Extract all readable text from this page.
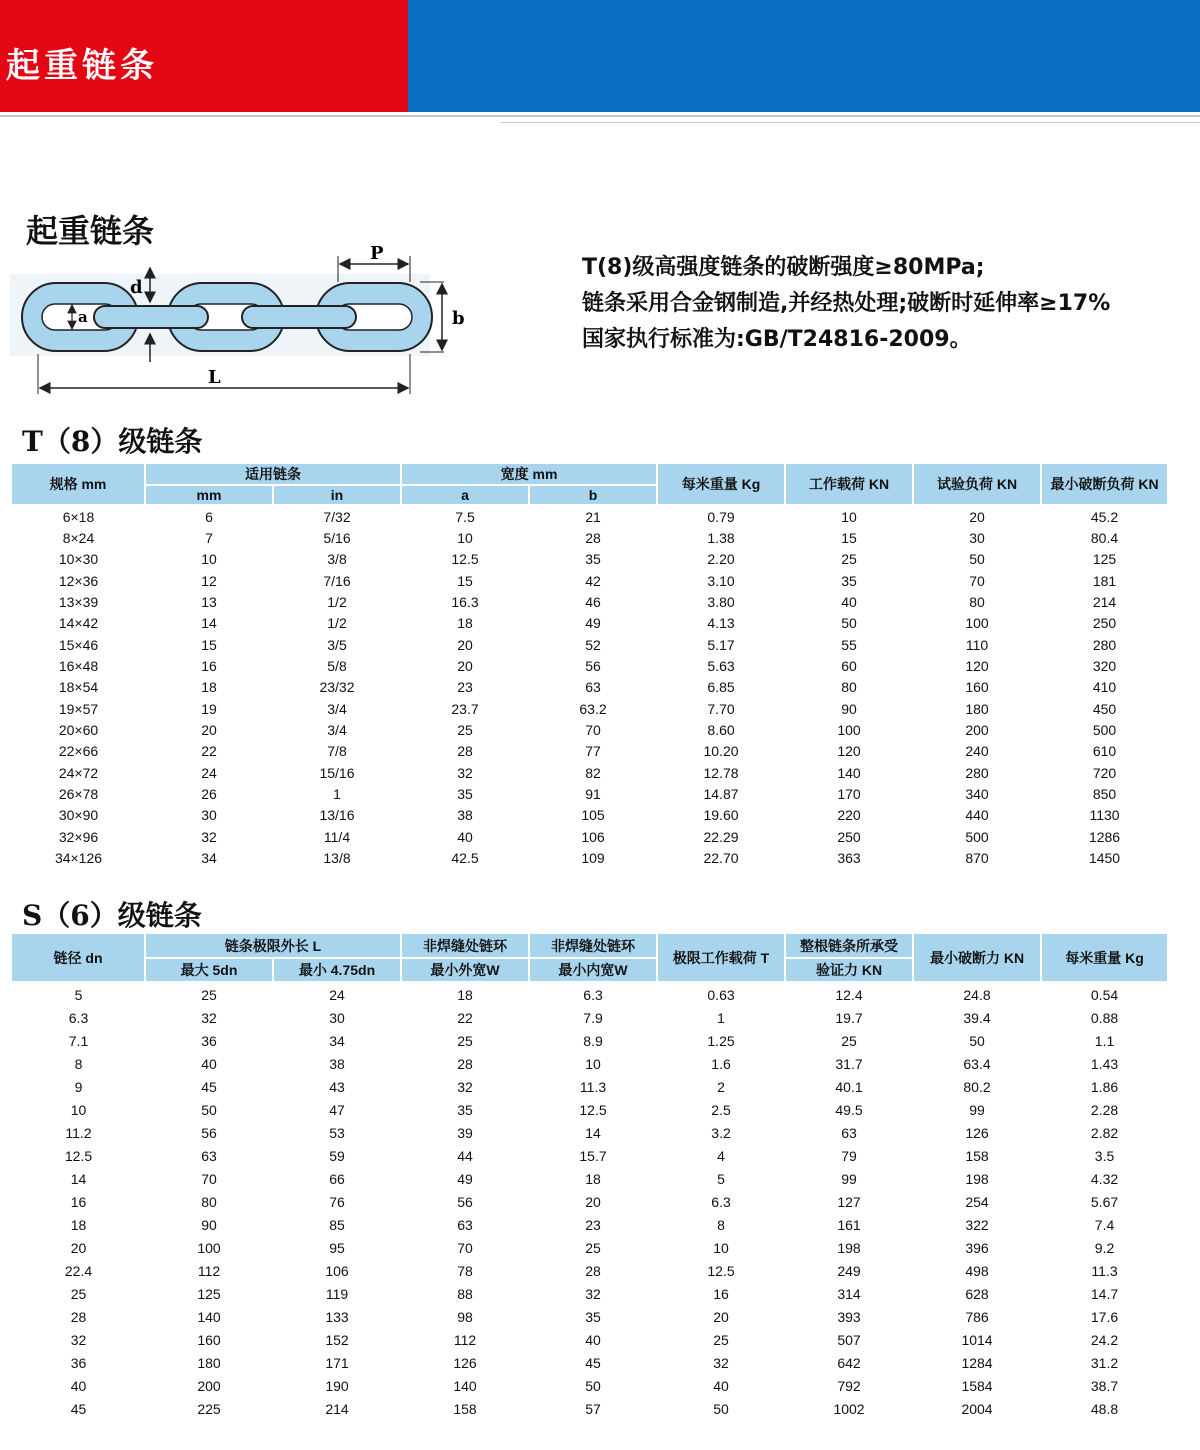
起重链条
起重链条
P
d
a	b
L
T(8)级高强度链条的破断强度≥80MPa;
链条采用合金钢制造,并经热处理;破断时延伸率≥17%
国家执行标准为:GB/T24816-2009。
T（8）级链条
规格 mm	适用链条		宽度 mm		每米重量 Kg	工作载荷 KN	试验负荷 KN	最小破断负荷 KN
	mm	in	a	b				
6×18	6	7/32	7.5	21	0.79	10	20	45.2
8×24	7	5/16	10	28	1.38	15	30	80.4
10×30	10	3/8	12.5	35	2.20	25	50	125
12×36	12	7/16	15	42	3.10	35	70	181
13×39	13	1/2	16.3	46	3.80	40	80	214
14×42	14	1/2	18	49	4.13	50	100	250
15×46	15	3/5	20	52	5.17	55	110	280
16×48	16	5/8	20	56	5.63	60	120	320
18×54	18	23/32	23	63	6.85	80	160	410
19×57	19	3/4	23.7	63.2	7.70	90	180	450
20×60	20	3/4	25	70	8.60	100	200	500
22×66	22	7/8	28	77	10.20	120	240	610
24×72	24	15/16	32	82	12.78	140	280	720
26×78	26	1	35	91	14.87	170	340	850
30×90	30	13/16	38	105	19.60	220	440	1130
32×96	32	11/4	40	106	22.29	250	500	1286
34×126	34	13/8	42.5	109	22.70	363	870	1450
S（6）级链条
链径 dn	链条极限外长 L		非焊缝处链环	非焊缝处链环	极限工作载荷 T	整根链条所承受	最小破断力 KN	每米重量 Kg
	最大 5dn	最小 4.75dn	最小外宽W	最小内宽W		验证力 KN		
5	25	24	18	6.3	0.63	12.4	24.8	0.54
6.3	32	30	22	7.9	1	19.7	39.4	0.88
7.1	36	34	25	8.9	1.25	25	50	1.1
8	40	38	28	10	1.6	31.7	63.4	1.43
9	45	43	32	11.3	2	40.1	80.2	1.86
10	50	47	35	12.5	2.5	49.5	99	2.28
11.2	56	53	39	14	3.2	63	126	2.82
12.5	63	59	44	15.7	4	79	158	3.5
14	70	66	49	18	5	99	198	4.32
16	80	76	56	20	6.3	127	254	5.67
18	90	85	63	23	8	161	322	7.4
20	100	95	70	25	10	198	396	9.2
22.4	112	106	78	28	12.5	249	498	11.3
25	125	119	88	32	16	314	628	14.7
28	140	133	98	35	20	393	786	17.6
32	160	152	112	40	25	507	1014	24.2
36	180	171	126	45	32	642	1284	31.2
40	200	190	140	50	40	792	1584	38.7
45	225	214	158	57	50	1002	2004	48.8
